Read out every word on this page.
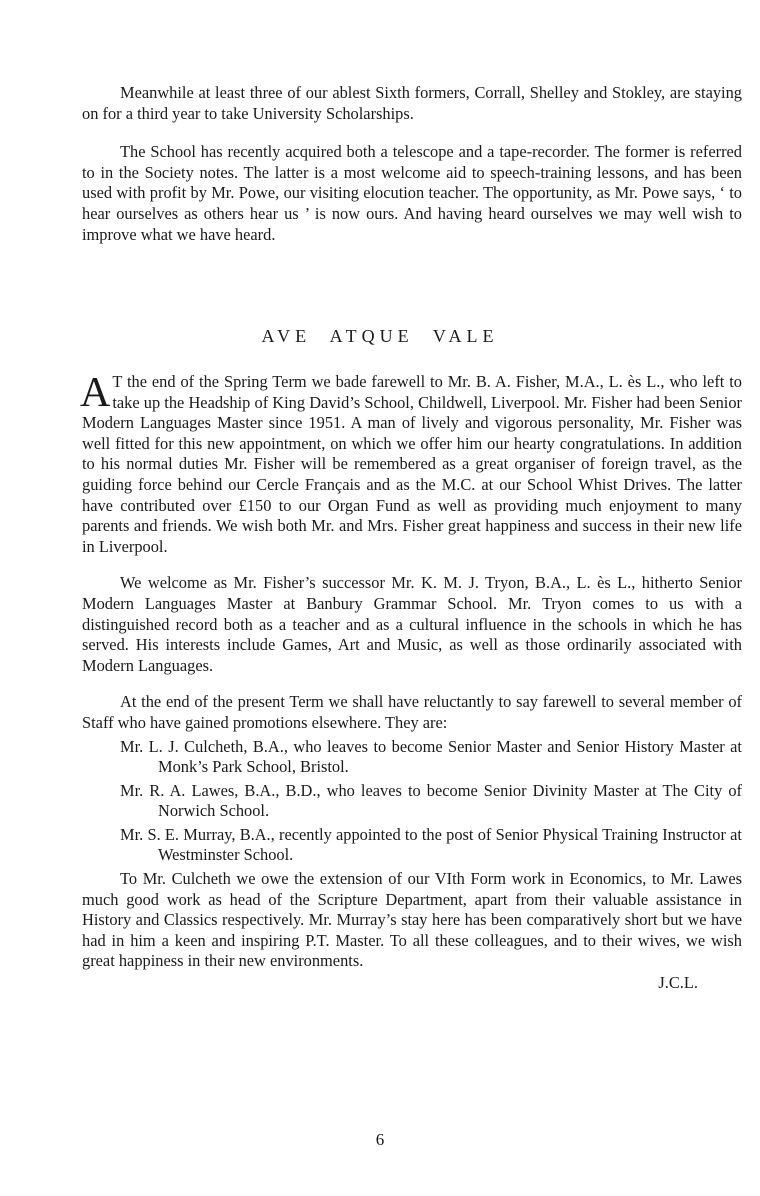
Meanwhile at least three of our ablest Sixth formers, Corrall, Shelley and Stokley, are staying on for a third year to take University Scholarships.

The School has recently acquired both a telescope and a tape-recorder. The former is referred to in the Society notes. The latter is a most welcome aid to speech-training lessons, and has been used with profit by Mr. Powe, our visiting elocution teacher. The opportunity, as Mr. Powe says, ‘ to hear ourselves as others hear us ’ is now ours. And having heard ourselves we may well wish to improve what we have heard.

AVE ATQUE VALE

A T the end of the Spring Term we bade farewell to Mr. B. A. Fisher, M.A., L. ès L., who left to take up the Headship of King David’s School, Childwell, Liverpool. Mr. Fisher had been Senior Modern Languages Master since 1951. A man of lively and vigorous personality, Mr. Fisher was well fitted for this new appointment, on which we offer him our hearty congratulations. In addition to his normal duties Mr. Fisher will be remembered as a great organiser of foreign travel, as the guiding force behind our Cercle Français and as the M.C. at our School Whist Drives. The latter have contributed over £150 to our Organ Fund as well as providing much enjoyment to many parents and friends. We wish both Mr. and Mrs. Fisher great happiness and success in their new life in Liverpool.

We welcome as Mr. Fisher’s successor Mr. K. M. J. Tryon, B.A., L. ès L., hitherto Senior Modern Languages Master at Banbury Grammar School. Mr. Tryon comes to us with a distinguished record both as a teacher and as a cultural influence in the schools in which he has served. His interests include Games, Art and Music, as well as those ordinarily associated with Modern Languages.

At the end of the present Term we shall have reluctantly to say farewell to several member of Staff who have gained promotions elsewhere. They are:

Mr. L. J. Culcheth, B.A., who leaves to become Senior Master and Senior History Master at Monk’s Park School, Bristol.

Mr. R. A. Lawes, B.A., B.D., who leaves to become Senior Divinity Master at The City of Norwich School.

Mr. S. E. Murray, B.A., recently appointed to the post of Senior Physical Training Instructor at Westminster School.

To Mr. Culcheth we owe the extension of our VIth Form work in Economics, to Mr. Lawes much good work as head of the Scripture Department, apart from their valuable assistance in History and Classics respectively. Mr. Murray’s stay here has been comparatively short but we have had in him a keen and inspiring P.T. Master. To all these colleagues, and to their wives, we wish great happiness in their new environments.

J.C.L.

6
